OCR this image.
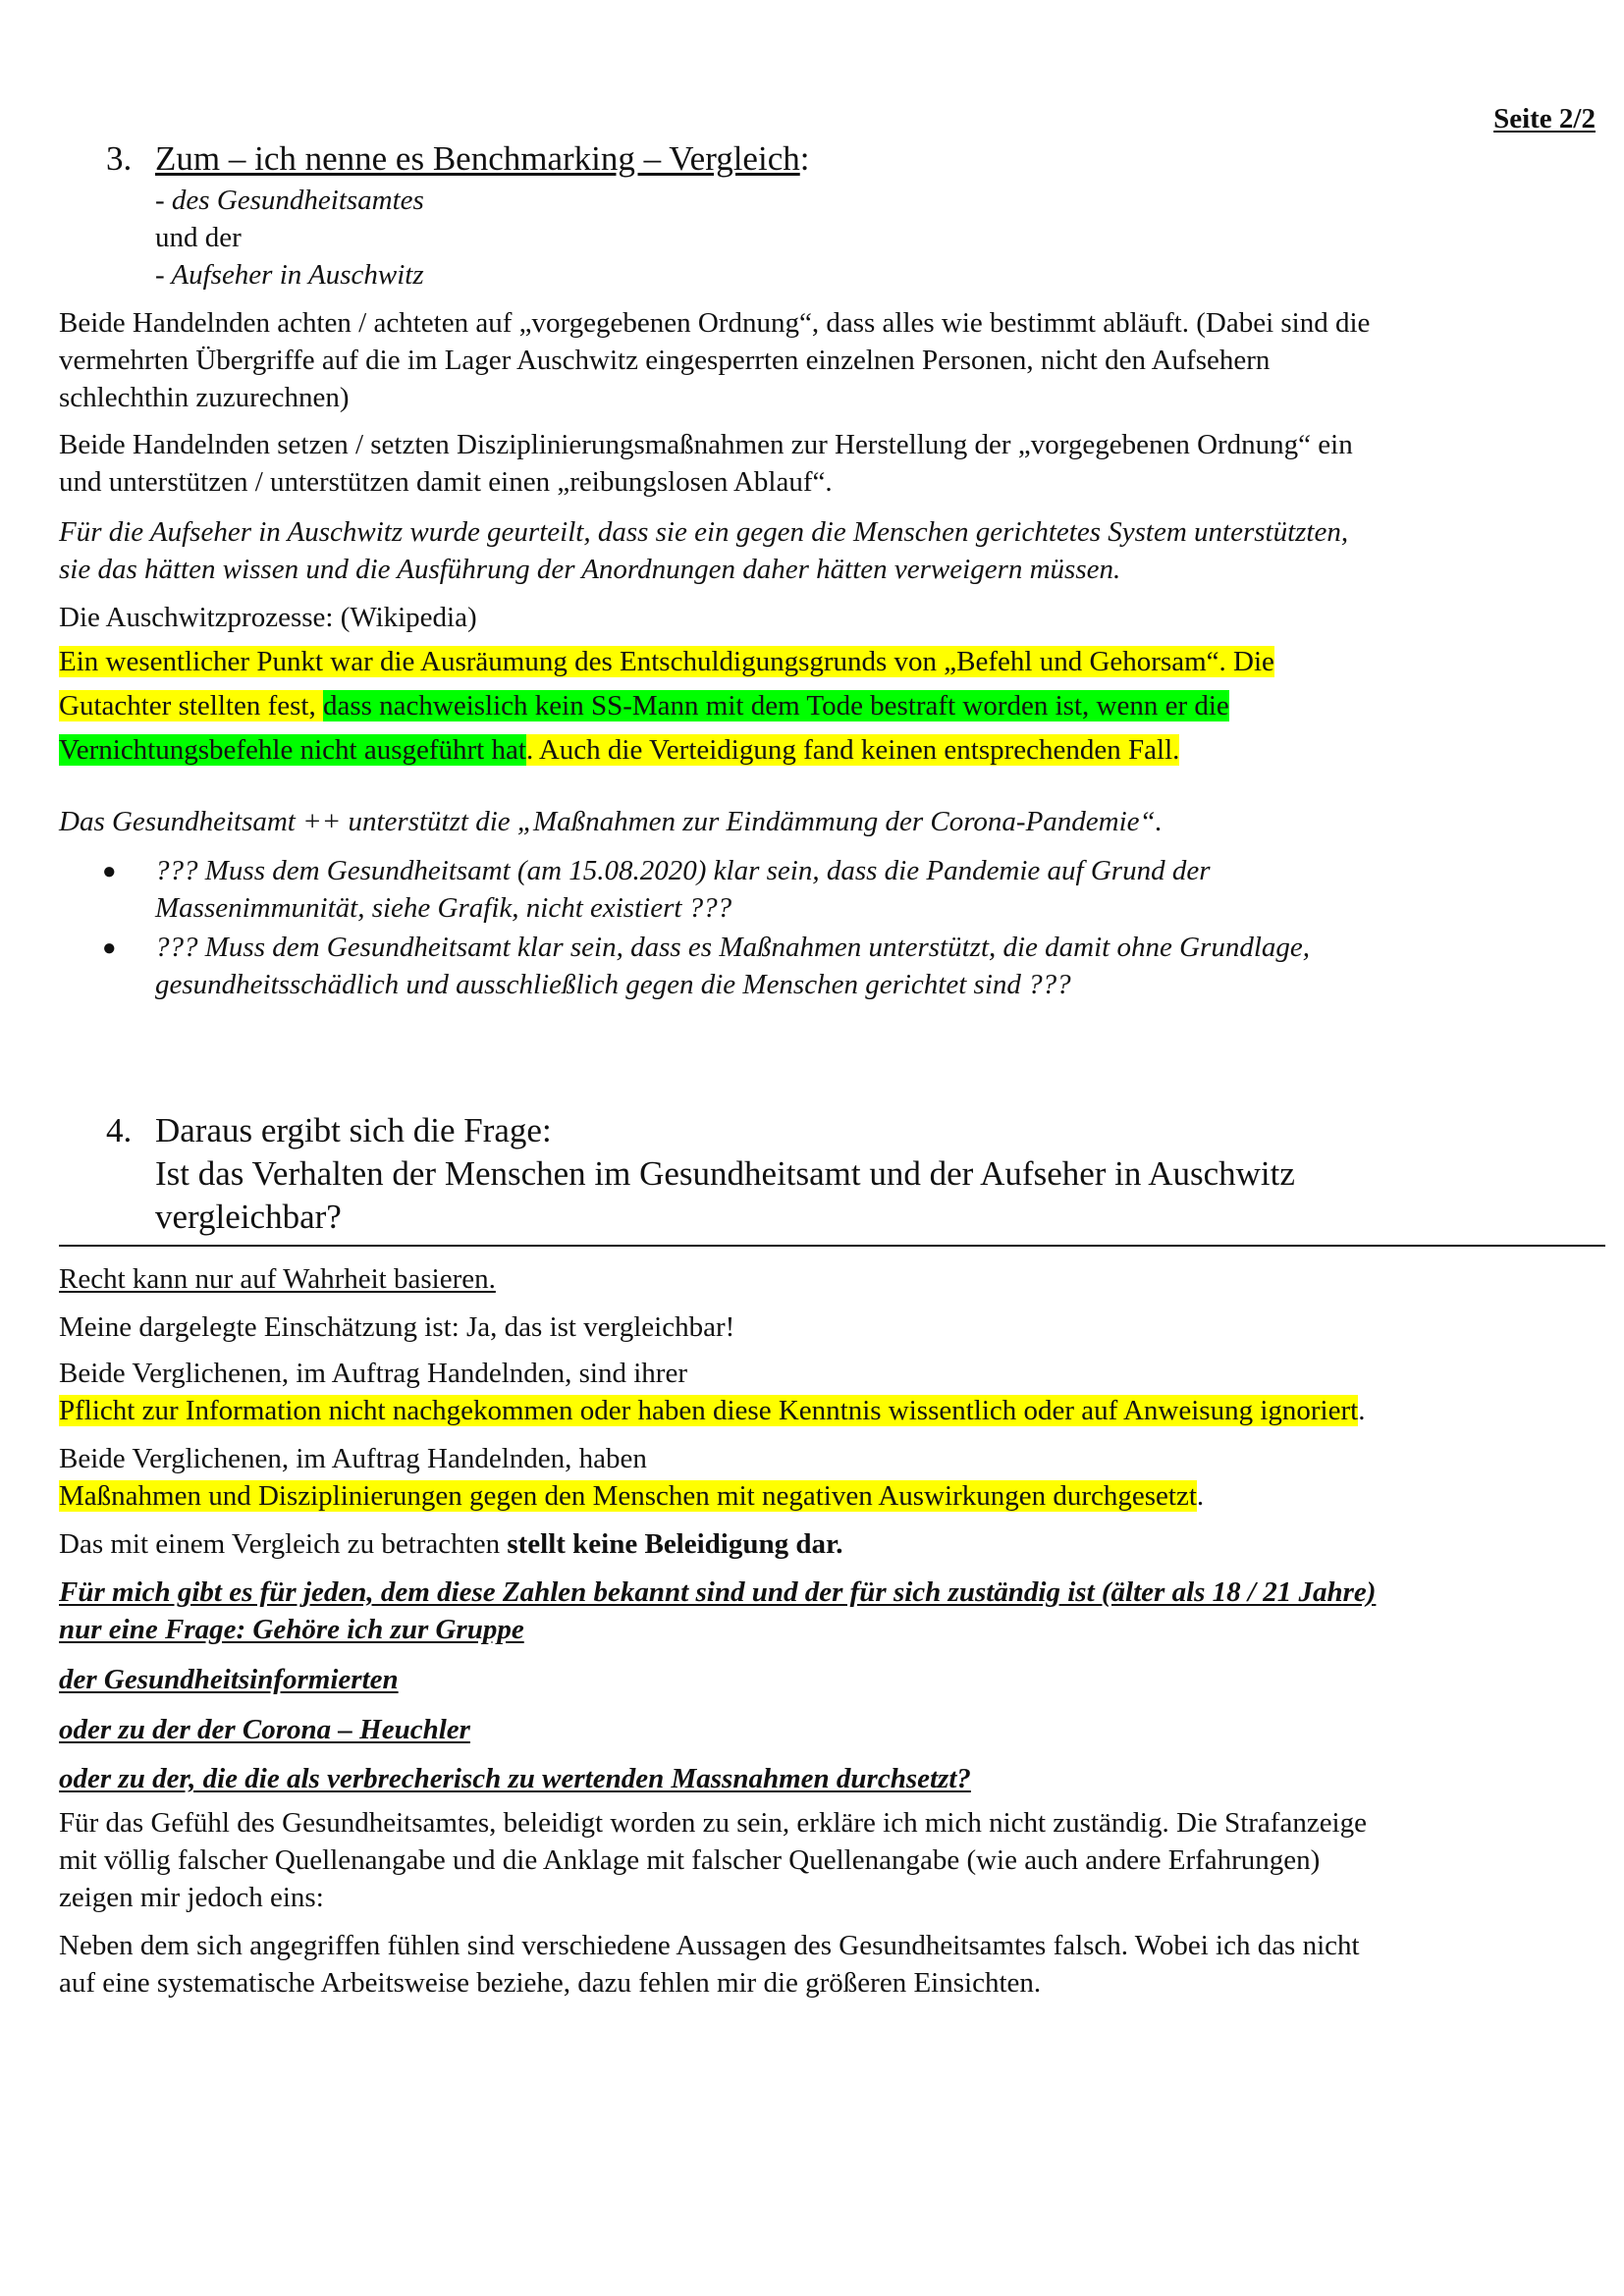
Seite 2/2
3. Zum – ich nenne es Benchmarking – Vergleich:
- des Gesundheitsamtes
und der
- Aufseher in Auschwitz
Beide Handelnden achten / achteten auf „vorgegebenen Ordnung“, dass alles wie bestimmt abläuft. (Dabei sind die
vermehrten Übergriffe auf die im Lager Auschwitz eingesperrten einzelnen Personen, nicht den Aufsehern
schlechthin zuzurechnen)
Beide Handelnden setzen / setzten Disziplinierungsmaßnahmen zur Herstellung der „vorgegebenen Ordnung“ ein
und unterstützen / unterstützen damit einen „reibungslosen Ablauf“.
Für die Aufseher in Auschwitz wurde geurteilt, dass sie ein gegen die Menschen gerichtetes System unterstützten,
sie das hätten wissen und die Ausführung der Anordnungen daher hätten verweigern müssen.
Die Auschwitzprozesse: (Wikipedia)
Ein wesentlicher Punkt war die Ausräumung des Entschuldigungsgrunds von „Befehl und Gehorsam“. Die
Gutachter stellten fest, dass nachweislich kein SS-Mann mit dem Tode bestraft worden ist, wenn er die
Vernichtungsbefehle nicht ausgeführt hat. Auch die Verteidigung fand keinen entsprechenden Fall.
Das Gesundheitsamt ++ unterstützt die „Maßnahmen zur Eindämmung der Corona-Pandemie“.
● ??? Muss dem Gesundheitsamt (am 15.08.2020) klar sein, dass die Pandemie auf Grund der
Massenimmunität, siehe Grafik, nicht existiert ???
● ??? Muss dem Gesundheitsamt klar sein, dass es Maßnahmen unterstützt, die damit ohne Grundlage,
gesundheitsschädlich und ausschließlich gegen die Menschen gerichtet sind ???
4. Daraus ergibt sich die Frage:
Ist das Verhalten der Menschen im Gesundheitsamt und der Aufseher in Auschwitz
vergleichbar?
Recht kann nur auf Wahrheit basieren.
Meine dargelegte Einschätzung ist: Ja, das ist vergleichbar!
Beide Verglichenen, im Auftrag Handelnden, sind ihrer
Pflicht zur Information nicht nachgekommen oder haben diese Kenntnis wissentlich oder auf Anweisung ignoriert.
Beide Verglichenen, im Auftrag Handelnden, haben
Maßnahmen und Disziplinierungen gegen den Menschen mit negativen Auswirkungen durchgesetzt.
Das mit einem Vergleich zu betrachten stellt keine Beleidigung dar.
Für mich gibt es für jeden, dem diese Zahlen bekannt sind und der für sich zuständig ist (älter als 18 / 21 Jahre)
nur eine Frage: Gehöre ich zur Gruppe
der Gesundheitsinformierten
oder zu der der Corona – Heuchler
oder zu der, die die als verbrecherisch zu wertenden Massnahmen durchsetzt?
Für das Gefühl des Gesundheitsamtes, beleidigt worden zu sein, erkläre ich mich nicht zuständig. Die Strafanzeige
mit völlig falscher Quellenangabe und die Anklage mit falscher Quellenangabe (wie auch andere Erfahrungen)
zeigen mir jedoch eins:
Neben dem sich angegriffen fühlen sind verschiedene Aussagen des Gesundheitsamtes falsch. Wobei ich das nicht
auf eine systematische Arbeitsweise beziehe, dazu fehlen mir die größeren Einsichten.
